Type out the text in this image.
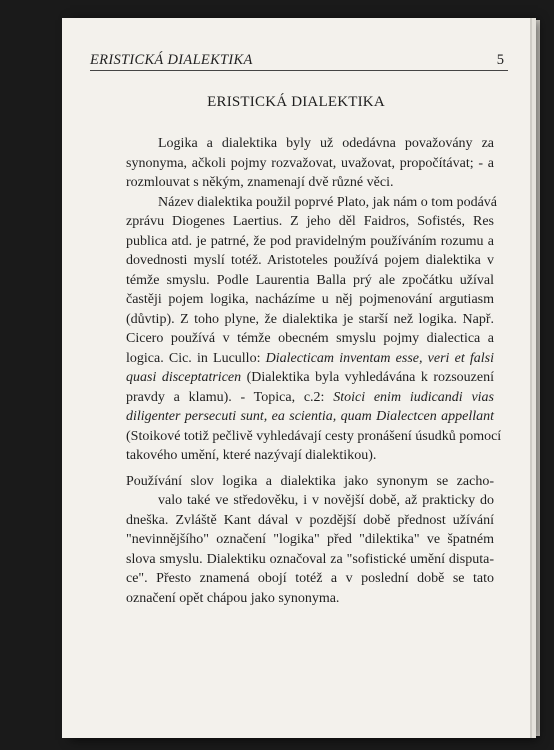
ERISTICKÁ DIALEKTIKA	5
ERISTICKÁ DIALEKTIKA
Logika a dialektika byly už odedávna považovány za
synonyma, ačkoli pojmy rozvažovat, uvažovat, propočítávat; - a
rozmlouvat s někým, znamenají dvě různé věci.
Název dialektika použil poprvé Plato, jak nám o tom podává
zprávu Diogenes Laertius. Z jeho děl Faidros, Sofistés, Res
publica atd. je patrné, že pod pravidelným používáním rozumu a
dovednosti myslí totéž. Aristoteles používá pojem dialektika v
témže smyslu. Podle Laurentia Balla prý ale zpočátku užíval
častěji pojem logika, nacházíme u něj pojmenování argutiasm
(důvtip). Z toho plyne, že dialektika je starší než logika. Např.
Cicero používá v témže obecném smyslu pojmy dialectica a
logica. Cic. in Lucullo: Dialecticam inventam esse, veri et falsi
quasi disceptatricen (Dialektika byla vyhledávána k rozsouzení
pravdy a klamu). - Topica, c.2: Stoici enim iudicandi vias
diligenter persecuti sunt, ea scientia, quam Dialectcen appellant
(Stoikové totiž pečlivě vyhledávají cesty pronášení úsudků pomocí
takového umění, které nazývají dialektikou).
Používání slov logika a dialektika jako synonym se zacho-
valo také ve středověku, i v novější době, až prakticky do
dneška. Zvláště Kant dával v pozdější době přednost užívání
"nevinnějšího" označení "logika" před "dilektika" ve špatném
slova smyslu. Dialektiku označoval za "sofistické umění disputa-
ce". Přesto znamená obojí totéž a v poslední době se tato
označení opět chápou jako synonyma.
